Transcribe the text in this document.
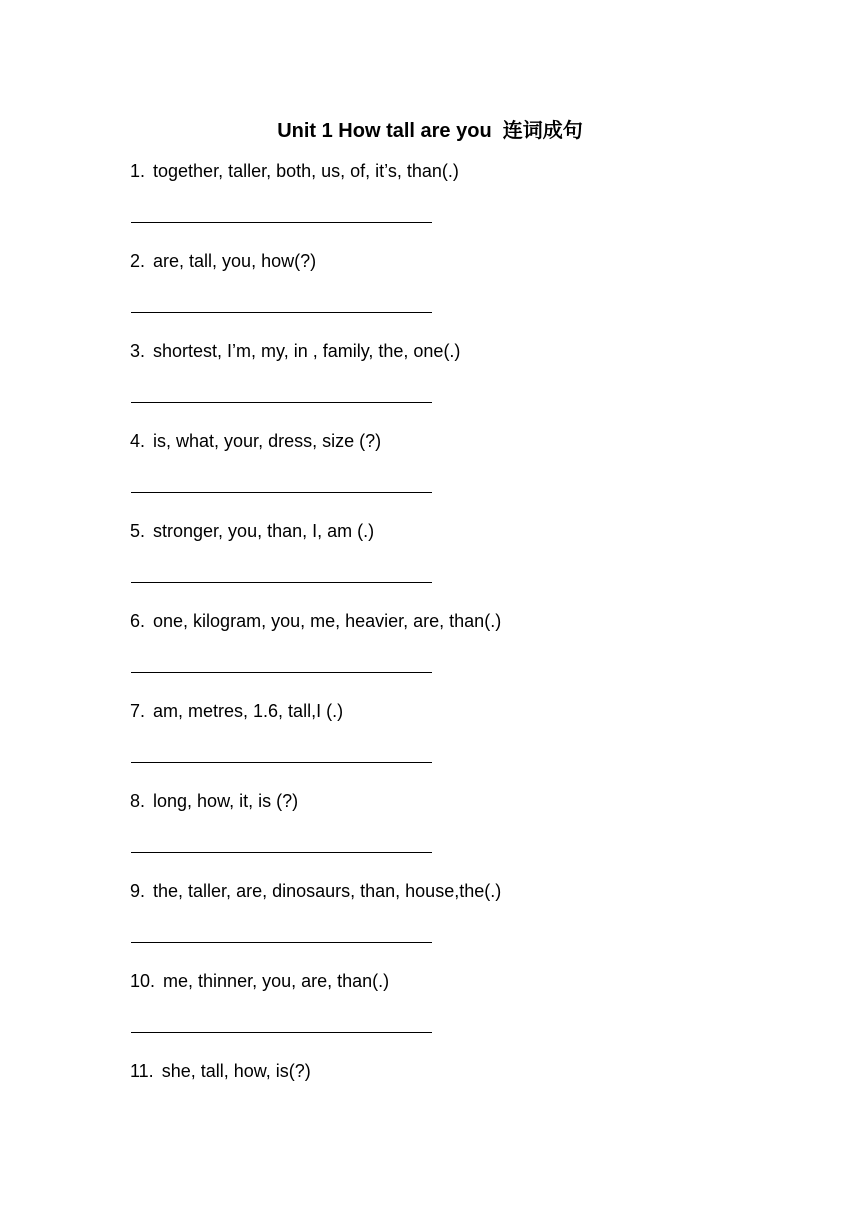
Unit 1 How tall are you  连词成句
1. together, taller, both, us, of, it’s, than(.)
2. are, tall, you, how(?)
3. shortest, I’m, my, in , family, the, one(.)
4. is, what, your, dress, size (?)
5. stronger, you, than, I, am (.)
6. one, kilogram, you, me, heavier, are, than(.)
7. am, metres, 1.6, tall,I (.)
8. long, how, it, is (?)
9. the, taller, are, dinosaurs, than, house,the(.)
10. me, thinner, you, are, than(.)
11. she, tall, how, is(?)
